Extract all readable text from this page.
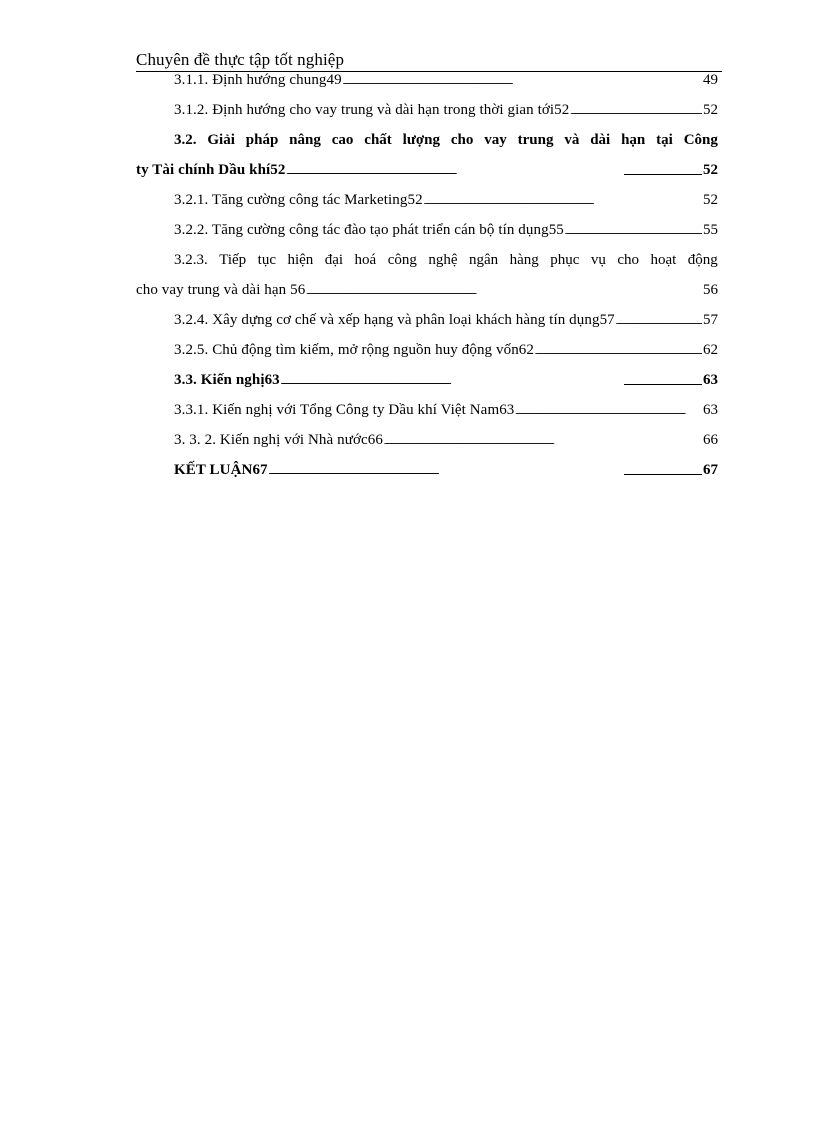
Chuyên đề thực tập tốt nghiệp
3.1.1. Định hướng chung49 - - -	49
3.1.2. Định hướng cho vay trung và dài hạn trong thời gian tới52 - - -	52
3.2. Giải pháp nâng cao chất lượng cho vay trung và dài hạn tại Công
ty Tài chính Dầu khí52 - - -	52
3.2.1. Tăng cường công tác Marketing52 - - -	52
3.2.2. Tăng cường công tác đào tạo phát triển cán bộ tín dụng55 - - -	55
3.2.3. Tiếp tục hiện đại hoá công nghệ ngân hàng phục vụ cho hoạt động
cho vay trung và dài hạn 56 - - -	56
3.2.4. Xây dựng cơ chế và xếp hạng và phân loại khách hàng tín dụng57 - - -	57
3.2.5. Chủ động tìm kiếm, mở rộng nguồn huy động vốn62 - - -	62
3.3. Kiến nghị63 - - -	63
3.3.1. Kiến nghị với Tổng Công ty Dầu khí Việt Nam63 - - -	63
3. 3. 2. Kiến nghị với Nhà nước66 - - -	66
KẾT LUẬN67 - - -	67
